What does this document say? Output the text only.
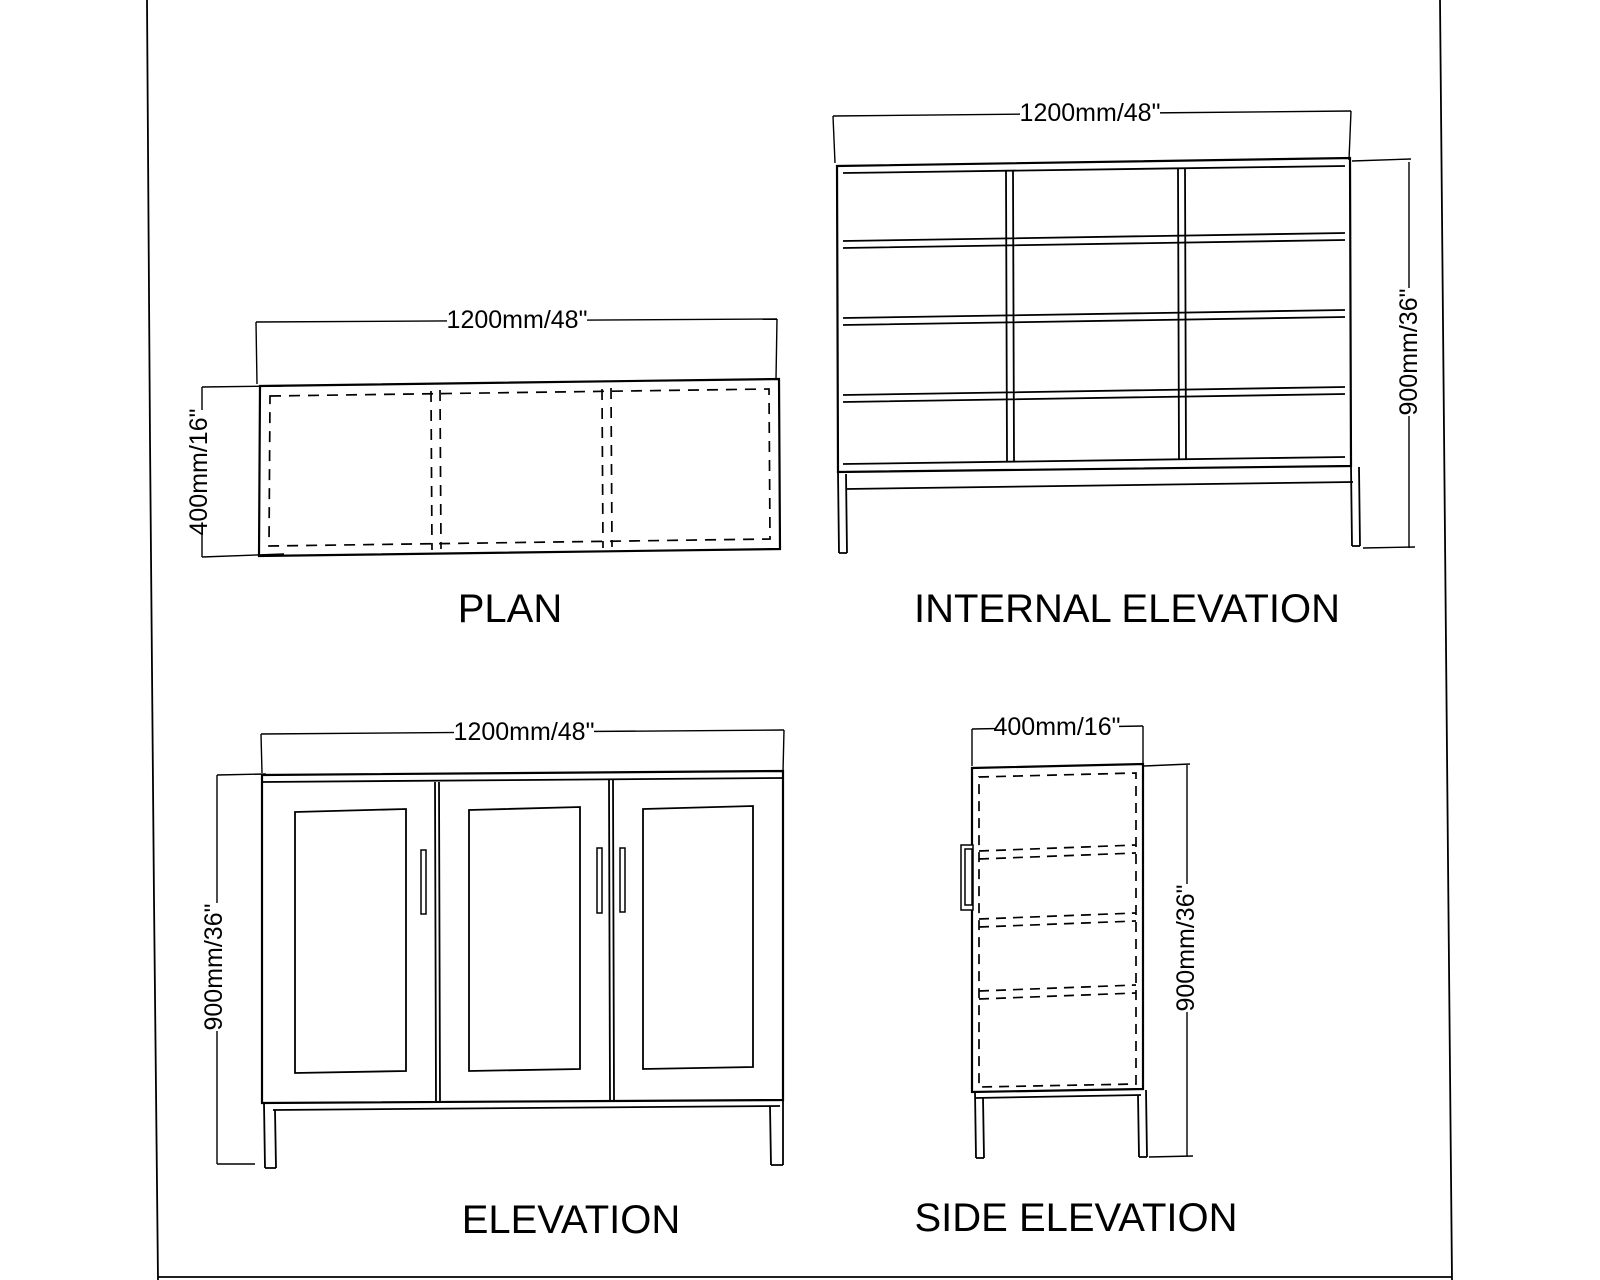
1200mm/48"
400mm/16"
PLAN
1200mm/48"
900mm/36"
INTERNAL ELEVATION
1200mm/48"
900mm/36"
ELEVATION
400mm/16"
900mm/36"
SIDE ELEVATION
